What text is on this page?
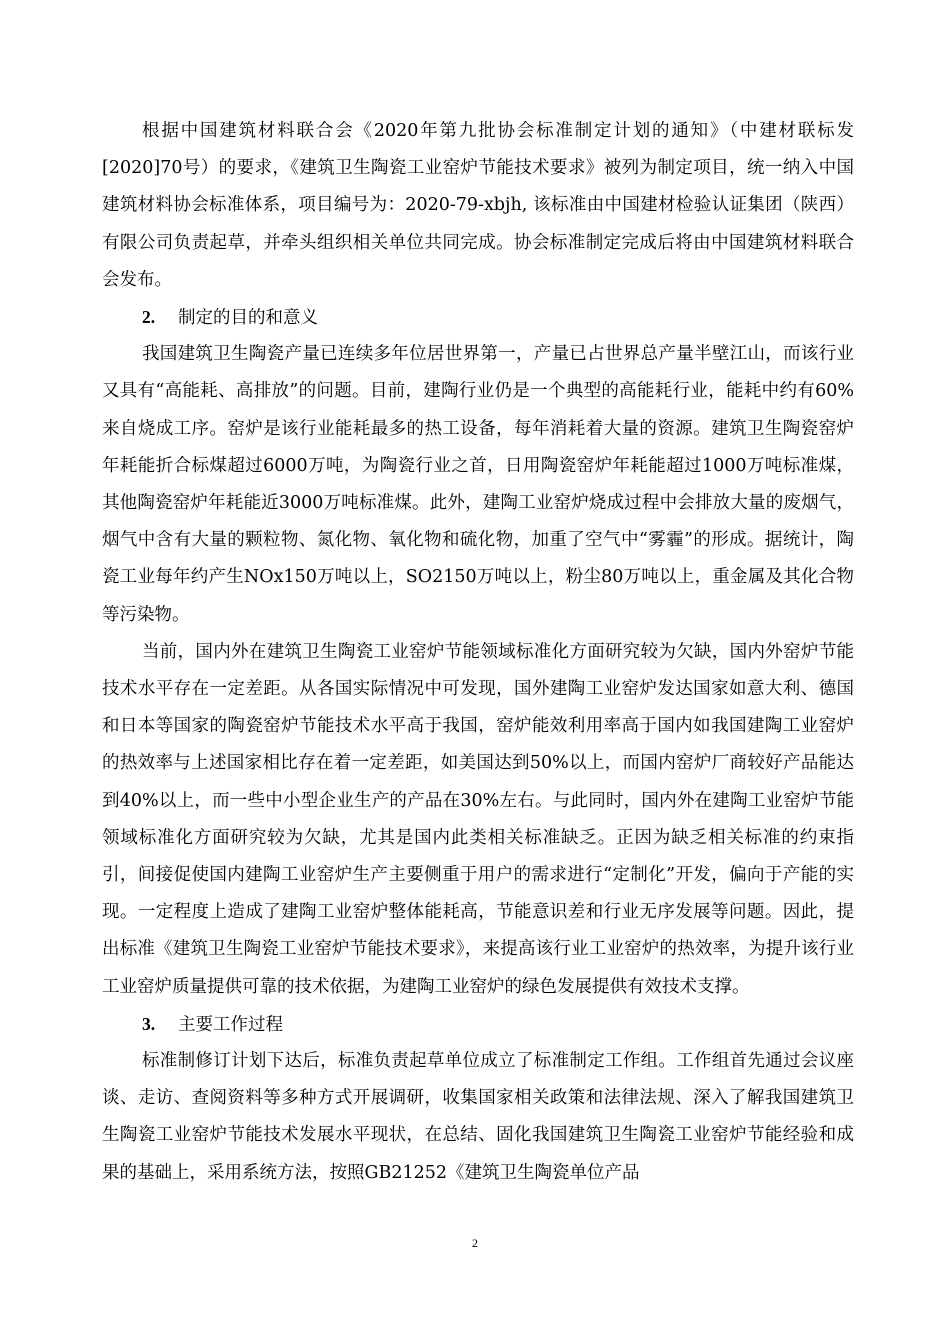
根据中国建筑材料联合会《2020年第九批协会标准制定计划的通知》（中建材联标发[2020]70号）的要求，《建筑卫生陶瓷工业窑炉节能技术要求》被列为制定项目，统一纳入中国建筑材料协会标准体系，项目编号为：2020-79-xbjh, 该标准由中国建材检验认证集团（陕西）有限公司负责起草，并牵头组织相关单位共同完成。协会标准制定完成后将由中国建筑材料联合会发布。

2. 制定的目的和意义

我国建筑卫生陶瓷产量已连续多年位居世界第一，产量已占世界总产量半壁江山，而该行业又具有“高能耗、高排放”的问题。目前，建陶行业仍是一个典型的高能耗行业，能耗中约有60%来自烧成工序。窑炉是该行业能耗最多的热工设备，每年消耗着大量的资源。建筑卫生陶瓷窑炉年耗能折合标煤超过6000万吨，为陶瓷行业之首，日用陶瓷窑炉年耗能超过1000万吨标准煤，其他陶瓷窑炉年耗能近3000万吨标准煤。此外，建陶工业窑炉烧成过程中会排放大量的废烟气，烟气中含有大量的颗粒物、氮化物、氧化物和硫化物，加重了空气中“雾霾”的形成。据统计，陶瓷工业每年约产生NOx150万吨以上，SO2150万吨以上，粉尘80万吨以上，重金属及其化合物等污染物。

当前，国内外在建筑卫生陶瓷工业窑炉节能领域标准化方面研究较为欠缺，国内外窑炉节能技术水平存在一定差距。从各国实际情况中可发现，国外建陶工业窑炉发达国家如意大利、德国和日本等国家的陶瓷窑炉节能技术水平高于我国，窑炉能效利用率高于国内如我国建陶工业窑炉的热效率与上述国家相比存在着一定差距，如美国达到50%以上，而国内窑炉厂商较好产品能达到40%以上，而一些中小型企业生产的产品在30%左右。与此同时，国内外在建陶工业窑炉节能领域标准化方面研究较为欠缺，尤其是国内此类相关标准缺乏。正因为缺乏相关标准的约束指引，间接促使国内建陶工业窑炉生产主要侧重于用户的需求进行“定制化”开发，偏向于产能的实现。一定程度上造成了建陶工业窑炉整体能耗高，节能意识差和行业无序发展等问题。因此，提出标准《建筑卫生陶瓷工业窑炉节能技术要求》，来提高该行业工业窑炉的热效率，为提升该行业工业窑炉质量提供可靠的技术依据，为建陶工业窑炉的绿色发展提供有效技术支撑。

3. 主要工作过程

标准制修订计划下达后，标准负责起草单位成立了标准制定工作组。工作组首先通过会议座谈、走访、查阅资料等多种方式开展调研，收集国家相关政策和法律法规、深入了解我国建筑卫生陶瓷工业窑炉节能技术发展水平现状，在总结、固化我国建筑卫生陶瓷工业窑炉节能经验和成果的基础上，采用系统方法，按照GB21252《建筑卫生陶瓷单位产品

2
